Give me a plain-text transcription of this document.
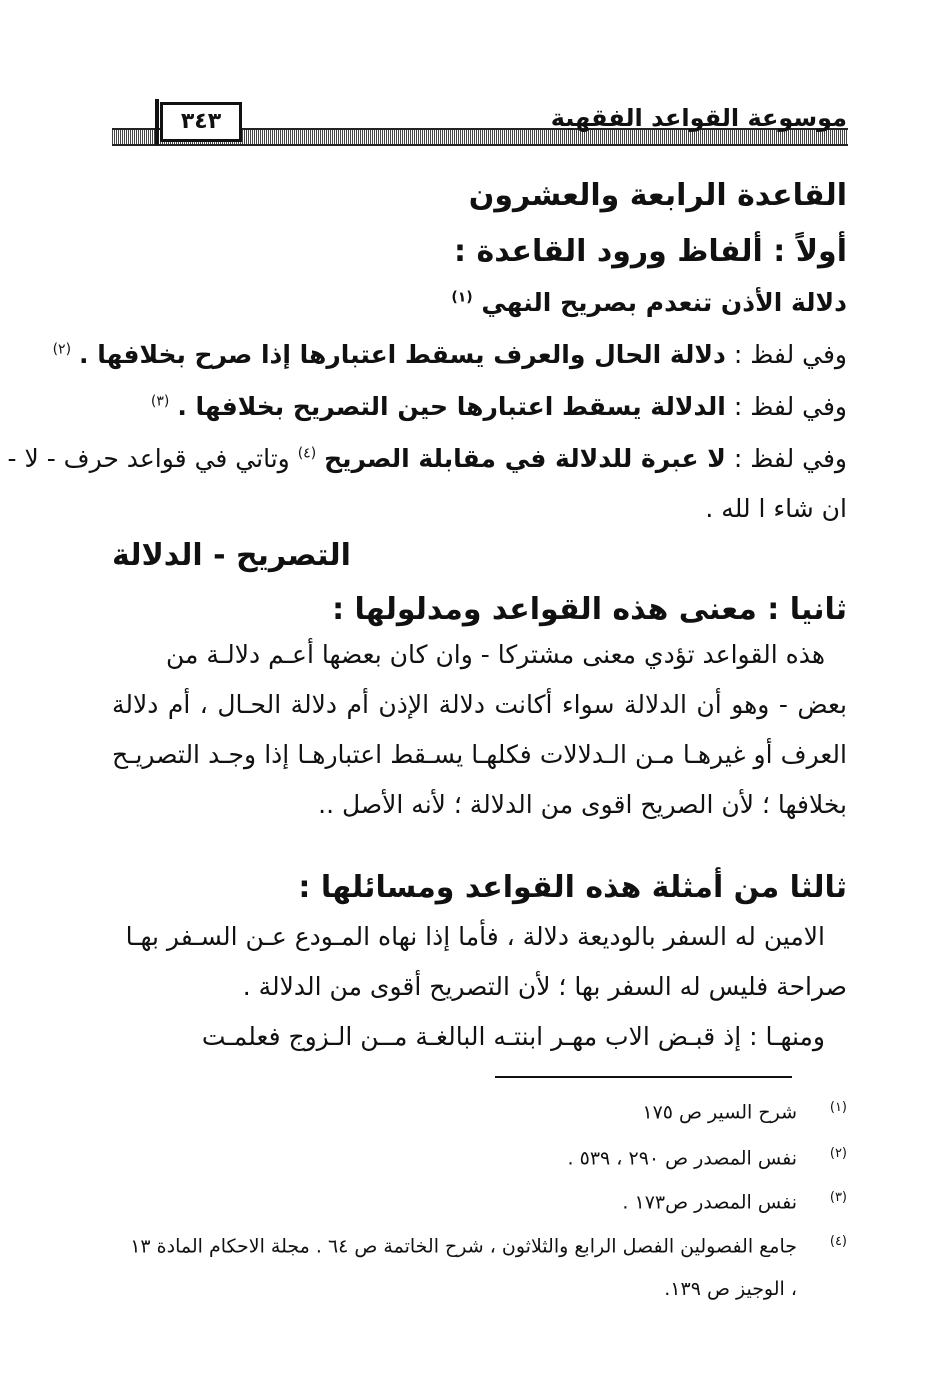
موسوعة القواعد الفقهية
٣٤٣
القاعدة الرابعة والعشرون
أولاً : ألفاظ ورود القاعدة :
دلالة الأذن تنعدم بصريح النهي $^{(١)}$
وفي لفظ : دلالة الحال والعرف يسقط اعتبارها إذا صرح بخلافها . $^{(٢)}$
وفي لفظ : الدلالة يسقط اعتبارها حين التصريح بخلافها . $^{(٣)}$
وفي لفظ : لا عبرة للدلالة في مقابلة الصريح $^{(٤)}$ وتاتي في قواعد حرف - لا -
ان شاء ا لله .
التصريح - الدلالة
ثانيا : معنى هذه القواعد ومدلولها :
هذه القواعد تؤدي معنى مشتركا - وان كان بعضها أعـم دلالـة من
بعض - وهو أن الدلالة سواء أكانت دلالة الإذن أم دلالة الحـال ، أم دلالة
العرف أو غيرهـا مـن الـدلالات فكلهـا يسـقط اعتبارهـا إذا وجـد التصريـح
بخلافها ؛ لأن الصريح اقوى من الدلالة ؛ لأنه الأصل ..
ثالثا من أمثلة هذه القواعد ومسائلها :
الامين له السفر بالوديعة دلالة ، فأما إذا نهاه المـودع عـن السـفر بهـا
صراحة فليس له السفر بها ؛ لأن التصريح أقوى من الدلالة .
ومنهـا : إذ قبـض الاب مهـر ابنتـه البالغـة مــن الـزوج فعلمـت
(١)شرح السير ص ١٧٥
(٢)نفس المصدر ص ٢٩٠ ، ٥٣٩ .
(٣)نفس المصدر ص١٧٣ .
(٤)جامع الفصولين الفصل الرابع والثلاثون ، شرح الخاتمة ص ٦٤ . مجلة الاحكام المادة ١٣
، الوجيز ص ١٣٩.
